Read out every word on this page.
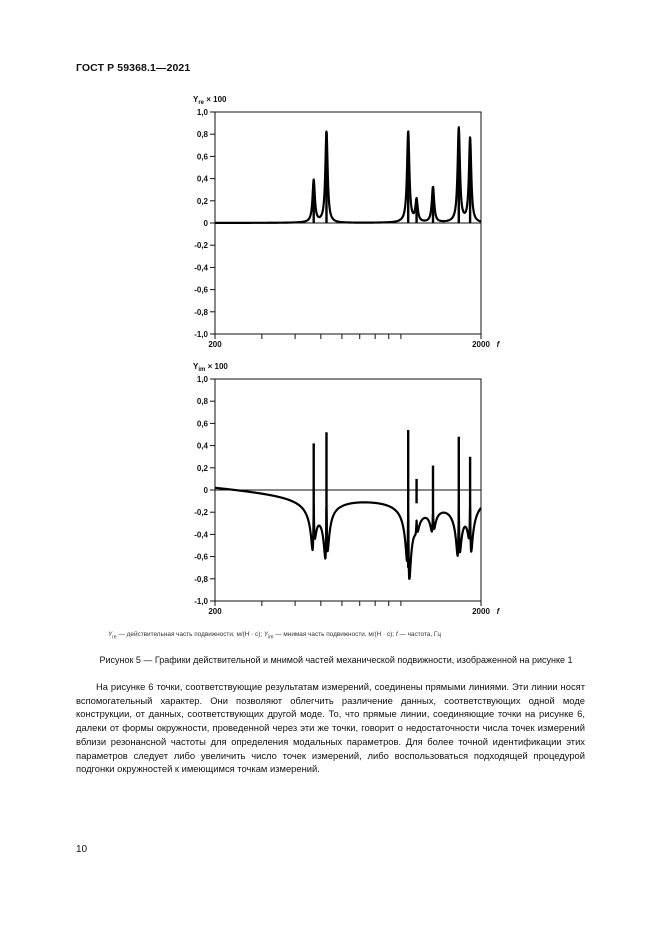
ГОСТ Р 59368.1—2021
1,0
0,8
0,6
0,4
0,2
0
-0,2
-0,4
-0,6
-0,8
-1,0
200	2000 f
1,0
0,8
0,6
0,4
0,2
0
-0,2
-0,4
-0,6
-0,8
-1,0
200	2000 f
$Y_{re} \times 100$
$Y_{im} \times 100$
$Y_{re}$ — действительная часть подвижности, м/(Н · с); $Y_{im}$ — мнимая часть подвижности, м/(Н · с); f — частота, Гц
Рисунок 5 — Графики действительной и мнимой частей механической подвижности, изображенной на рисунке 1
На рисунке 6 точки, соответствующие результатам измерений, соединены прямыми линиями. Эти линии носят вспомогательный характер. Они позволяют облегчить различение данных, соответствующих одной моде конструкции, от данных, соответствующих другой моде. То, что прямые линии, соединяющие точки на рисунке 6, далеки от формы окружности, проведенной через эти же точки, говорит о недостаточности числа точек измерений вблизи резонансной частоты для определения модальных параметров. Для более точной идентификации этих параметров следует либо увеличить число точек измерений, либо воспользоваться подходящей процедурой подгонки окружностей к имеющимся точкам измерений.
10
